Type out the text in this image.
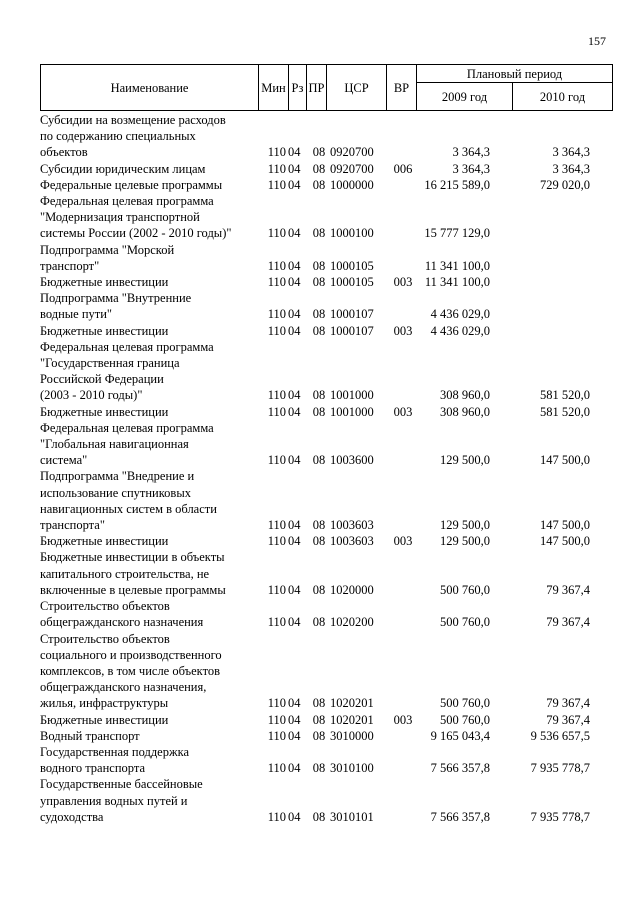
157
Наименование	Мин	Рз	ПР	ЦСР	ВР	Плановый период	
						2009 год	2010 год
Субсидии на возмещение расходов
по содержанию специальных
объектов	110 04 08 0920700	3 364,3	3 364,3
Субсидии юридическим лицам	110 04 08 0920700	006	3 364,3	3 364,3
Федеральные целевые программы	110 04 08 1000000	16 215 589,0	729 020,0
Федеральная целевая программа
"Модернизация транспортной
системы России (2002 - 2010 годы)"	110 04 08 1000100	15 777 129,0
Подпрограмма "Морской
транспорт"	110 04 08 1000105	11 341 100,0
Бюджетные инвестиции	110 04 08 1000105	003 11 341 100,0
Подпрограмма "Внутренние
водные пути"	110 04 08 1000107	4 436 029,0
Бюджетные инвестиции	110 04 08 1000107	003	4 436 029,0
Федеральная целевая программа
"Государственная граница
Российской Федерации
(2003 - 2010 годы)"	110 04 08 1001000	308 960,0	581 520,0
Бюджетные инвестиции	110 04 08 1001000	003	308 960,0	581 520,0
Федеральная целевая программа
"Глобальная навигационная
система"	110 04 08 1003600	129 500,0	147 500,0
Подпрограмма "Внедрение и
использование спутниковых
навигационных систем в области
транспорта"	110 04 08 1003603	129 500,0	147 500,0
Бюджетные инвестиции	110 04 08 1003603	003	129 500,0	147 500,0
Бюджетные инвестиции в объекты
капитального строительства, не
включенные в целевые программы	110 04 08 1020000	500 760,0	79 367,4
Строительство объектов
общегражданского назначения	110 04 08 1020200	500 760,0	79 367,4
Строительство объектов
социального и производственного
комплексов, в том числе объектов
общегражданского назначения,
жилья, инфраструктуры	110 04 08 1020201	500 760,0	79 367,4
Бюджетные инвестиции	110 04 08 1020201	003	500 760,0	79 367,4
Водный транспорт	110 04 08 3010000	9 165 043,4	9 536 657,5
Государственная поддержка
водного транспорта	110 04 08 3010100	7 566 357,8	7 935 778,7
Государственные бассейновые
управления водных путей и
судоходства	110 04 08 3010101	7 566 357,8	7 935 778,7
